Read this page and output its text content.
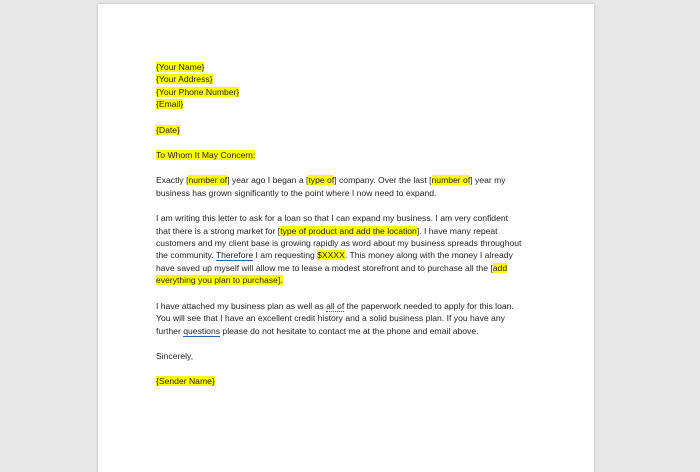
{Your Name}
{Your Address}
{Your Phone Number}
{Email}
{Date}
To Whom It May Concern:

Exactly [number of] year ago I began a [type of] company. Over the last [number of] year my
business has grown significantly to the point where I now need to expand.

I am writing this letter to ask for a loan so that I can expand my business. I am very confident
that there is a strong market for [type of product and add the location]. I have many repeat
customers and my client base is growing rapidly as word about my business spreads throughout
the community. Therefore I am requesting $XXXX. This money along with the money I already
have saved up myself will allow me to lease a modest storefront and to purchase all the [add
everything you plan to purchase].

I have attached my business plan as well as all of the paperwork needed to apply for this loan.
You will see that I have an excellent credit history and a solid business plan. If you have any
further questions please do not hesitate to contact me at the phone and email above.

Sincerely,
{Sender Name}
